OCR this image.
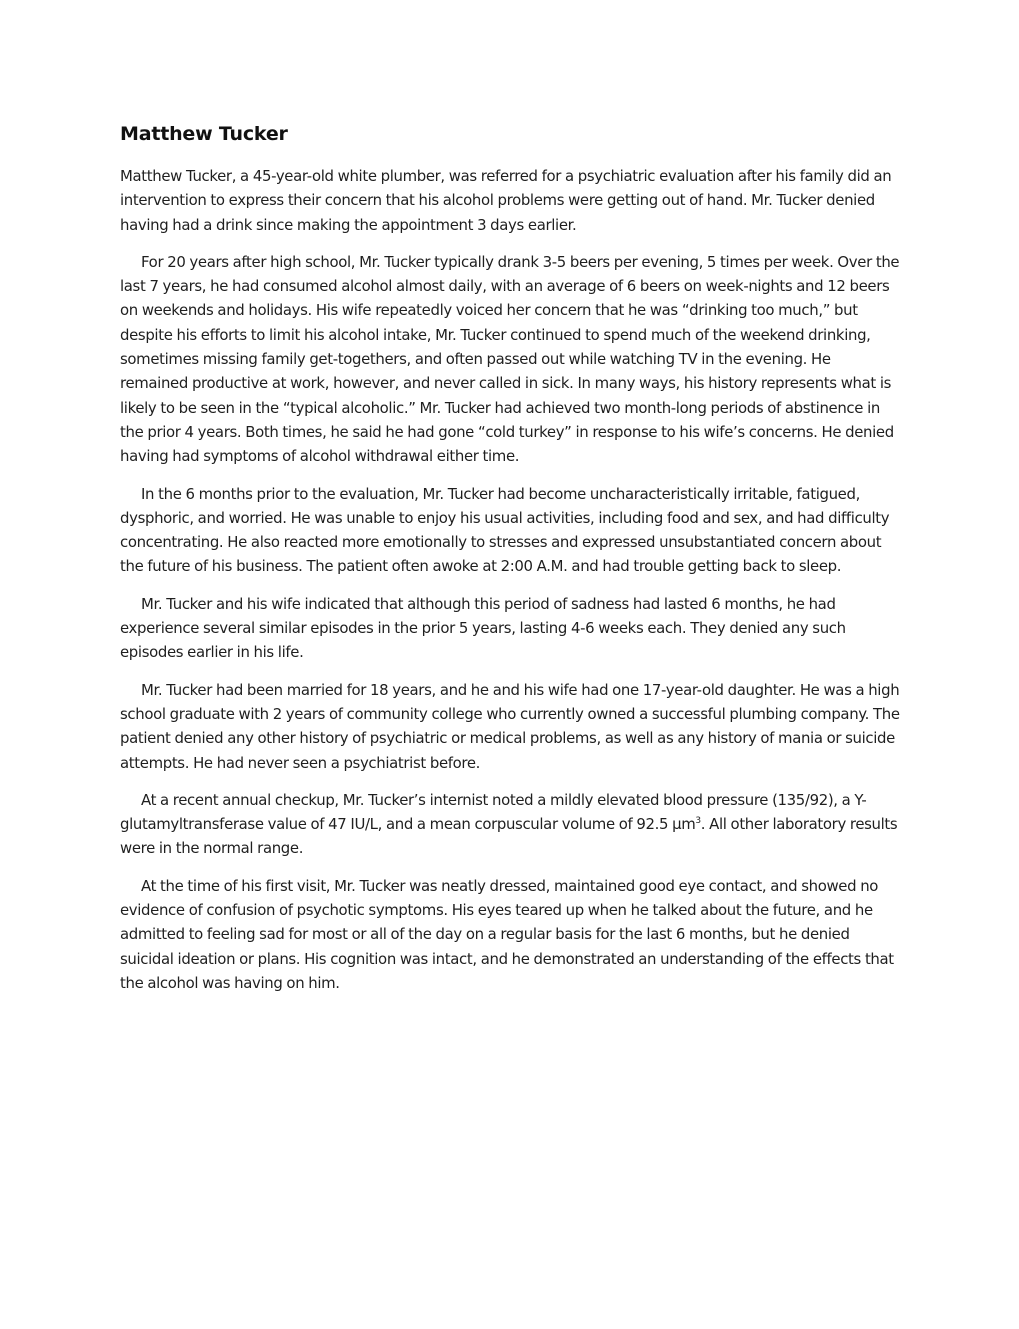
Matthew Tucker

Matthew Tucker, a 45-year-old white plumber, was referred for a psychiatric evaluation after his family did an intervention to express their concern that his alcohol problems were getting out of hand. Mr. Tucker denied having had a drink since making the appointment 3 days earlier.

For 20 years after high school, Mr. Tucker typically drank 3-5 beers per evening, 5 times per week. Over the last 7 years, he had consumed alcohol almost daily, with an average of 6 beers on week-nights and 12 beers on weekends and holidays. His wife repeatedly voiced her concern that he was “drinking too much,” but despite his efforts to limit his alcohol intake, Mr. Tucker continued to spend much of the weekend drinking, sometimes missing family get-togethers, and often passed out while watching TV in the evening. He remained productive at work, however, and never called in sick. In many ways, his history represents what is likely to be seen in the “typical alcoholic.” Mr. Tucker had achieved two month-long periods of abstinence in the prior 4 years. Both times, he said he had gone “cold turkey” in response to his wife’s concerns. He denied having had symptoms of alcohol withdrawal either time.

In the 6 months prior to the evaluation, Mr. Tucker had become uncharacteristically irritable, fatigued, dysphoric, and worried. He was unable to enjoy his usual activities, including food and sex, and had difficulty concentrating. He also reacted more emotionally to stresses and expressed unsubstantiated concern about the future of his business. The patient often awoke at 2:00 A.M. and had trouble getting back to sleep.

Mr. Tucker and his wife indicated that although this period of sadness had lasted 6 months, he had experience several similar episodes in the prior 5 years, lasting 4-6 weeks each. They denied any such episodes earlier in his life.

Mr. Tucker had been married for 18 years, and he and his wife had one 17-year-old daughter. He was a high school graduate with 2 years of community college who currently owned a successful plumbing company. The patient denied any other history of psychiatric or medical problems, as well as any history of mania or suicide attempts. He had never seen a psychiatrist before.

At a recent annual checkup, Mr. Tucker’s internist noted a mildly elevated blood pressure (135/92), a Y-glutamyltransferase value of 47 IU/L, and a mean corpuscular volume of 92.5 µm$^3$. All other laboratory results were in the normal range.

At the time of his first visit, Mr. Tucker was neatly dressed, maintained good eye contact, and showed no evidence of confusion of psychotic symptoms. His eyes teared up when he talked about the future, and he admitted to feeling sad for most or all of the day on a regular basis for the last 6 months, but he denied suicidal ideation or plans. His cognition was intact, and he demonstrated an understanding of the effects that the alcohol was having on him.
